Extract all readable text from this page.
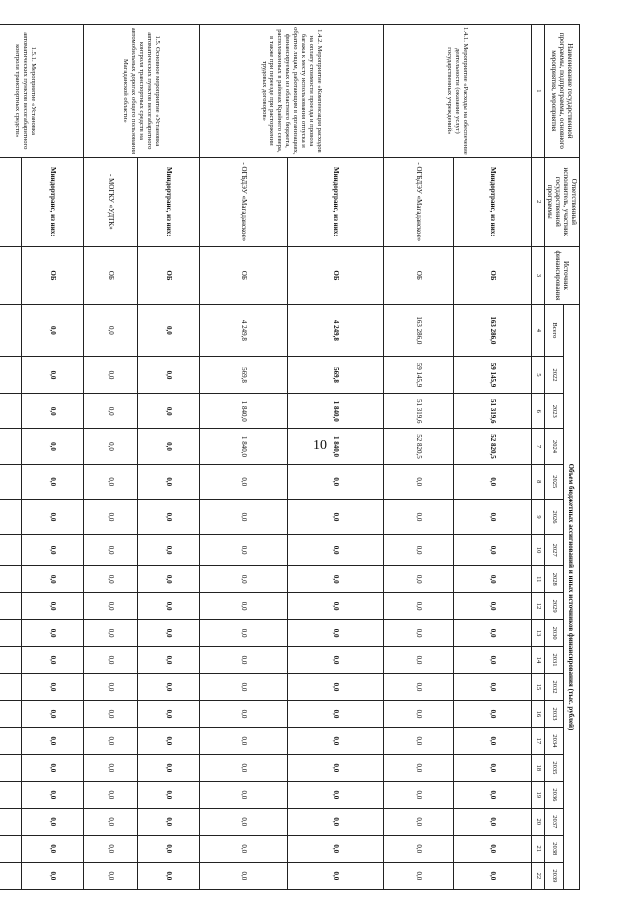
10
Наименование государственной программы, подпрограммы, основного мероприятия, мероприятия	Ответственный исполнитель, участник государственной программы	Источник финансирования	Объем бюджетных ассигнований и иных источников финансирования (тыс. рублей)																		
			Всего	2022	2023	2024	2025	2026	2027	2028	2029	2030	2031	2032	2033	2034	2035	2036	2037	2038	2039
1	2	3	4	5	6	7	8	9	10	11	12	13	14	15	16	17	18	19	20	21	22
1.4.1. Мероприятие «Расходы на обеспечение деятельности (оказание услуг) государственных учреждений»	Миндортранс, из них:	ОБ	163 286,0	59 145,9	51 319,6	52 820,5	0,0	0,0	0,0	0,0	0,0	0,0	0,0	0,0	0,0	0,0	0,0	0,0	0,0	0,0	0,0
	- ОГБДЭУ «Магаданское»	ОБ	163 286,0	59 145,9	51 319,6	52 820,5	0,0	0,0	0,0	0,0	0,0	0,0	0,0	0,0	0,0	0,0	0,0	0,0	0,0	0,0	0,0
1.4.2. Мероприятие «Компенсация расходов на оплату стоимости проезда и провоза багажа к месту использования отпуска и обратно лицам, работающим в организациях, финансируемых из областного бюджета, расположенных в районах Крайнего севера, в также при переезде при расторжении трудовых договоров»	Миндортранс, из них:	ОБ	4 249,8	569,8	1 840,0	1 840,0	0,0	0,0	0,0	0,0	0,0	0,0	0,0	0,0	0,0	0,0	0,0	0,0	0,0	0,0	0,0
	- ОГБДЭУ «Магаданское»	ОБ	4 249,8	569,8	1 840,0	1 840,0	0,0	0,0	0,0	0,0	0,0	0,0	0,0	0,0	0,0	0,0	0,0	0,0	0,0	0,0	0,0
1.5. Основное мероприятие «Установка автоматических пунктов весогабаритного контроля транспортных средств на автомобильных дорогах общего пользования Магаданской области»	Миндортранс, из них:	ОБ	0,0	0,0	0,0	0,0	0,0	0,0	0,0	0,0	0,0	0,0	0,0	0,0	0,0	0,0	0,0	0,0	0,0	0,0	0,0
	- МОГКУ «УДТК»	ОБ	0,0	0,0	0,0	0,0	0,0	0,0	0,0	0,0	0,0	0,0	0,0	0,0	0,0	0,0	0,0	0,0	0,0	0,0	0,0
1.5.1. Мероприятие «Установка автоматических пунктов весогабаритного контроля транспортных средств»	Миндортранс, из них:	ОБ	0,0	0,0	0,0	0,0	0,0	0,0	0,0	0,0	0,0	0,0	0,0	0,0	0,0	0,0	0,0	0,0	0,0	0,0	0,0
